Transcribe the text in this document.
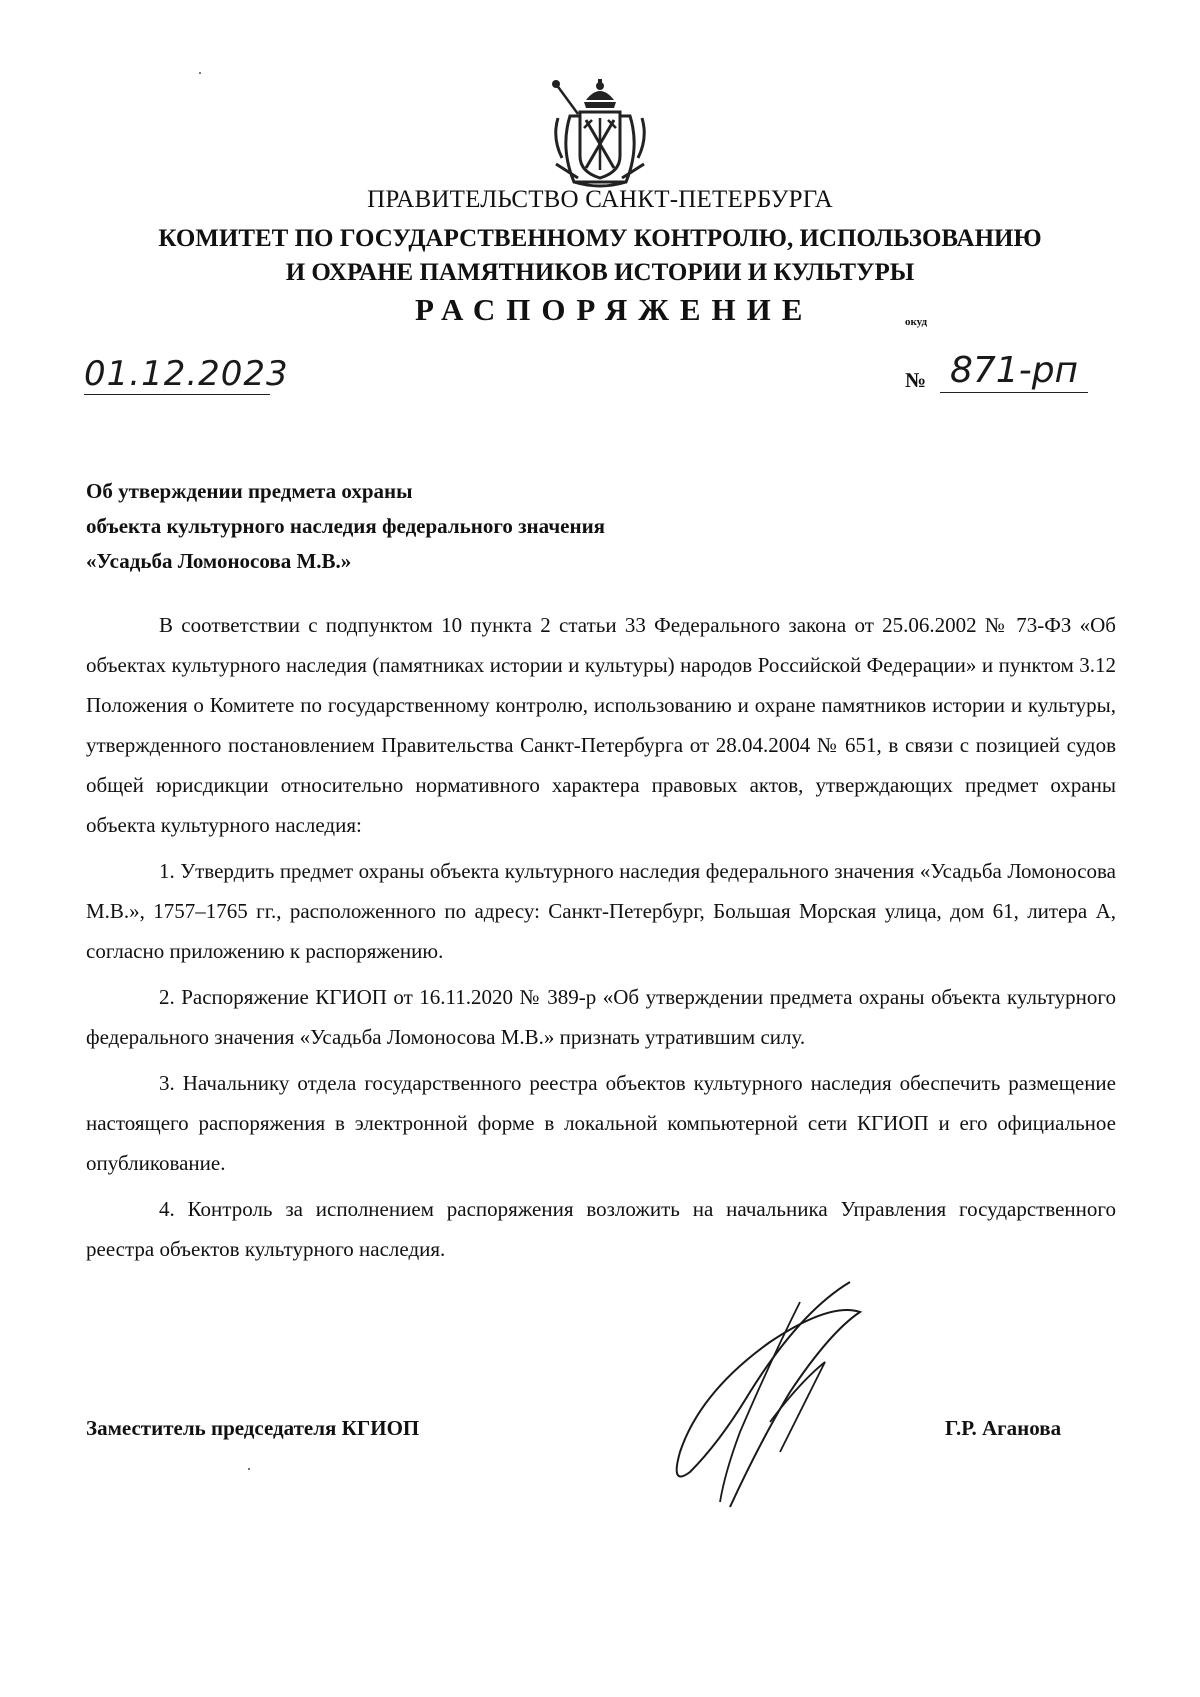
ПРАВИТЕЛЬСТВО САНКТ-ПЕТЕРБУРГА
КОМИТЕТ ПО ГОСУДАРСТВЕННОМУ КОНТРОЛЮ, ИСПОЛЬЗОВАНИЮ
И ОХРАНЕ ПАМЯТНИКОВ ИСТОРИИ И КУЛЬТУРЫ
РАСПОРЯЖЕНИЕ	окуд
01.12.2023	№ 871-рп
Об утверждении предмета охраны
объекта культурного наследия федерального значения
«Усадьба Ломоносова М.В.»

В соответствии с подпунктом 10 пункта 2 статьи 33 Федерального закона от 25.06.2002 № 73-ФЗ «Об объектах культурного наследия (памятниках истории и культуры) народов Российской Федерации» и пунктом 3.12 Положения о Комитете по государственному контролю, использованию и охране памятников истории и культуры, утвержденного постановлением Правительства Санкт-Петербурга от 28.04.2004 № 651, в связи с позицией судов общей юрисдикции относительно нормативного характера правовых актов, утверждающих предмет охраны объекта культурного наследия:

1. Утвердить предмет охраны объекта культурного наследия федерального значения «Усадьба Ломоносова М.В.», 1757–1765 гг., расположенного по адресу: Санкт-Петербург, Большая Морская улица, дом 61, литера А, согласно приложению к распоряжению.

2. Распоряжение КГИОП от 16.11.2020 № 389-р «Об утверждении предмета охраны объекта культурного федерального значения «Усадьба Ломоносова М.В.» признать утратившим силу.

3. Начальнику отдела государственного реестра объектов культурного наследия обеспечить размещение настоящего распоряжения в электронной форме в локальной компьютерной сети КГИОП и его официальное опубликование.

4. Контроль за исполнением распоряжения возложить на начальника Управления государственного реестра объектов культурного наследия.

Заместитель председателя КГИОП	Г.Р. Аганова
